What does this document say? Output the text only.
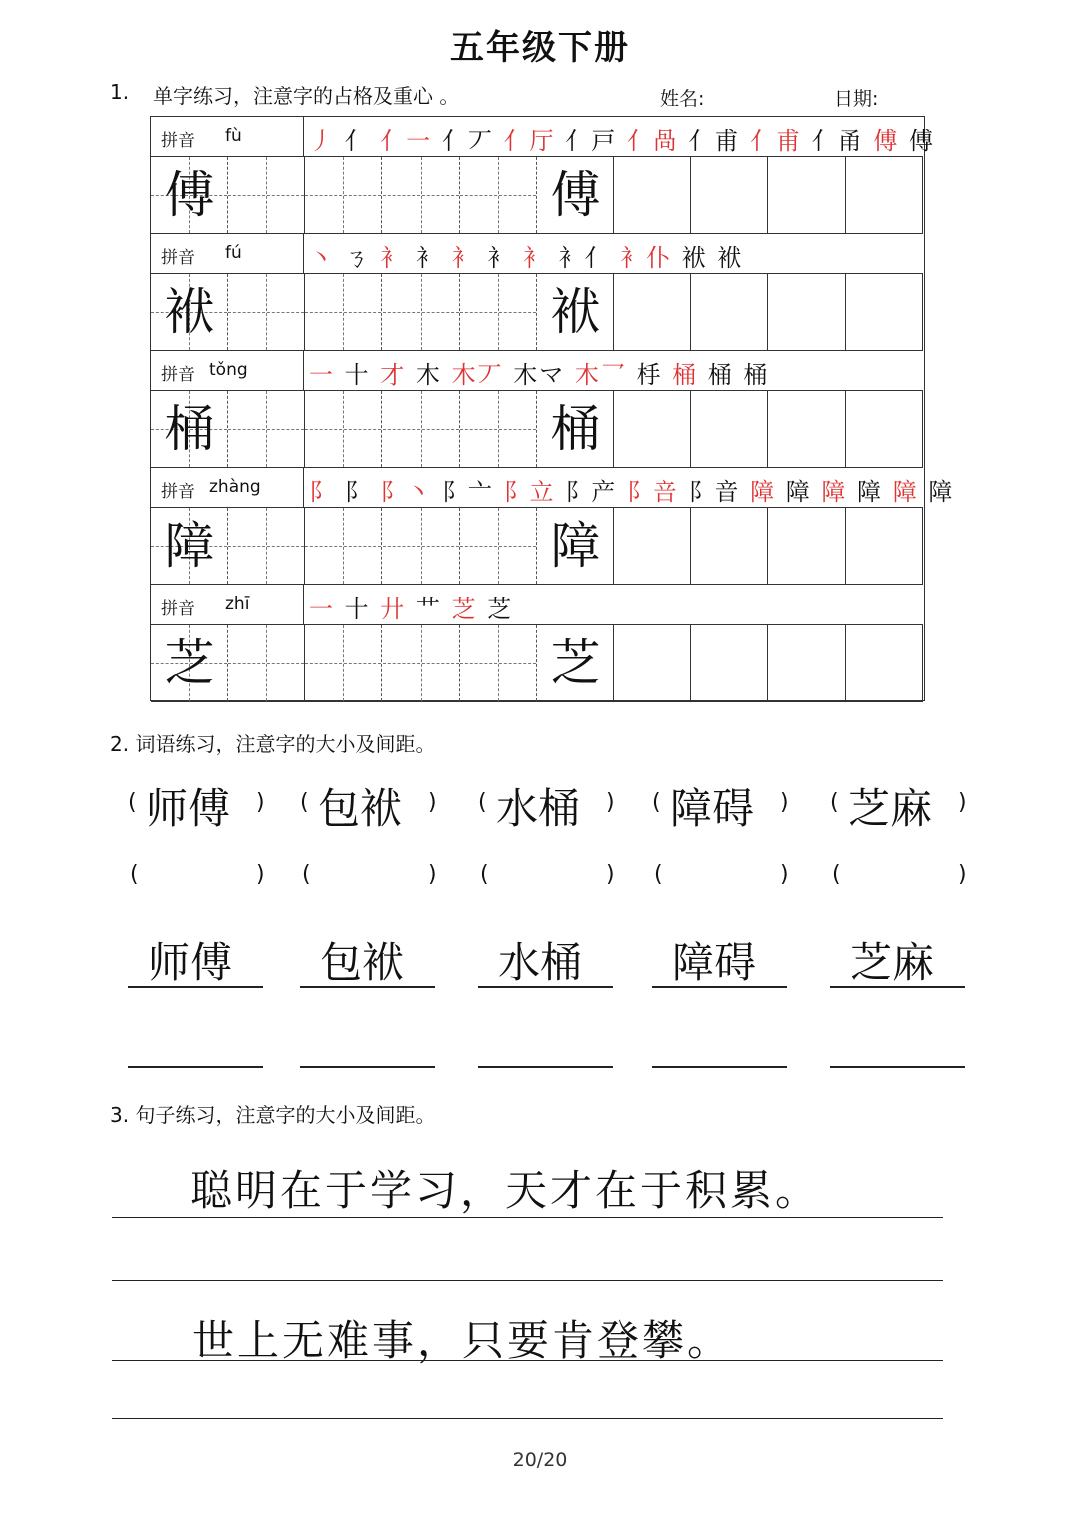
五年级下册
1. 单字练习，注意字的占格及重心 。	姓名:	日期:
拼音 fù	丿 亻 亻一 亻丆 亻厅 亻戸 亻咼 亻甫 亻甫 亻甬 傅 傅
傅	傅
拼音 fú	丶 ㄋ 衤 衤 衤 衤 衤 衤亻 衤仆 袱 袱
袱	袱
拼音 tǒng	一 十 才 木 木丆 木マ 木乛 杽 桶 桶 桶
桶	桶
拼音 zhàng 阝 阝 阝丶 阝亠 阝立 阝产 阝咅 阝音 障 障 障 障 障 障
障	障
拼音 zhī 一 十 廾 艹 芝 芝
芝	芝
2. 词语练习，注意字的大小及间距。
( 师傅 )
(	)
师傅
( 包袱 )
(	)
包袱
( 水桶 )
(	)
水桶
( 障碍 )
(	)
障碍
( 芝麻 )
(	)
芝麻
3. 句子练习，注意字的大小及间距。
聪明在于学习，天才在于积累。
世上无难事，只要肯登攀。
20/20
